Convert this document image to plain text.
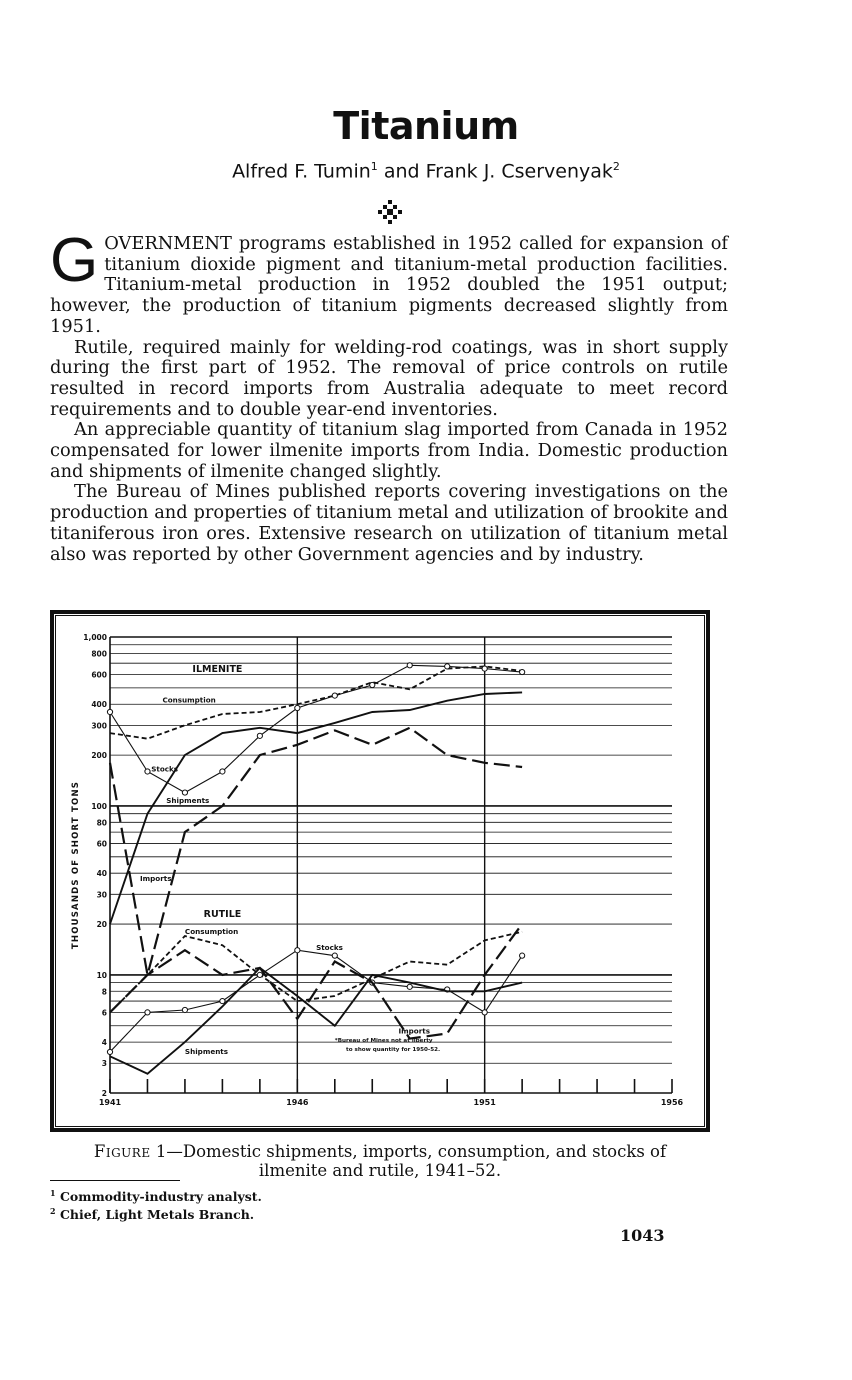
Titanium
Alfred F. Tumin$^1$ and Frank J. Cservenyak$^2$

GOVERNMENT programs established in 1952 called for expansion of titanium dioxide pigment and titanium-metal production facilities. Titanium-metal production in 1952 doubled the 1951 output; however, the production of titanium pigments decreased slightly from 1951.

Rutile, required mainly for welding-rod coatings, was in short supply during the first part of 1952. The removal of price controls on rutile resulted in record imports from Australia adequate to meet record requirements and to double year-end inventories.

An appreciable quantity of titanium slag imported from Canada in 1952 compensated for lower ilmenite imports from India. Domestic production and shipments of ilmenite changed slightly.

The Bureau of Mines published reports covering investigations on the production and properties of titanium metal and utilization of brookite and titaniferous iron ores. Extensive research on utilization of titanium metal also was reported by other Government agencies and by industry.

2
3
4
6
8
10
20
30
40
60
80
100
200
300
400
600
800
1,000
1941	1946	1951	1956
THOUSANDS OF SHORT TONS
ILMENITE
RUTILE
Consumption
Stocks
Shipments
Imports
Consumption
Stocks
Shipments
Imports
*Bureau of Mines not at liberty
to show quantity for 1950-52.
Figure 1—Domestic shipments, imports, consumption, and stocks of ilmenite and rutile, 1941–52.
$^1$ Commodity-industry analyst.
$^2$ Chief, Light Metals Branch.
1043
